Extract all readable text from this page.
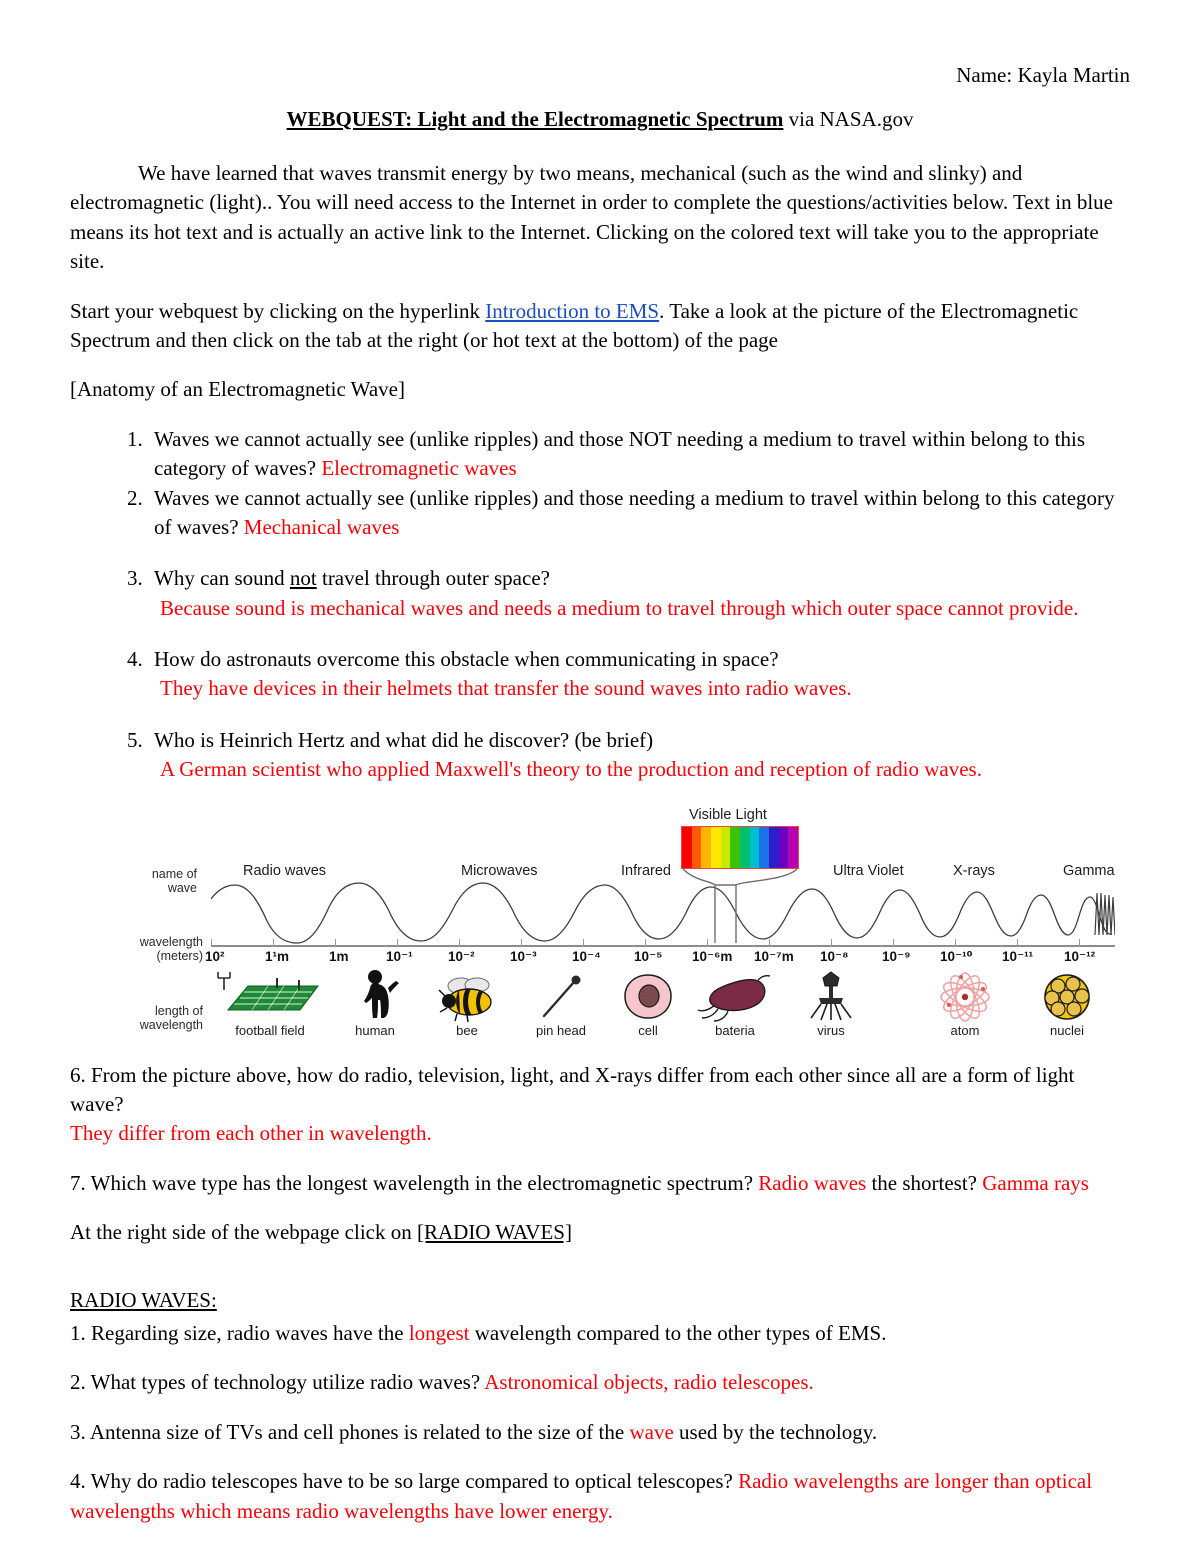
Name: Kayla Martin
WEBQUEST: Light and the Electromagnetic Spectrum via NASA.gov

We have learned that waves transmit energy by two means, mechanical (such as the wind and slinky) and electromagnetic (light).. You will need access to the Internet in order to complete the questions/activities below. Text in blue means its hot text and is actually an active link to the Internet. Clicking on the colored text will take you to the appropriate site.

Start your webquest by clicking on the hyperlink Introduction to EMS. Take a look at the picture of the Electromagnetic Spectrum and then click on the tab at the right (or hot text at the bottom) of the page

[Anatomy of an Electromagnetic Wave]

1. Waves we cannot actually see (unlike ripples) and those NOT needing a medium to travel within belong to this category of waves? Electromagnetic waves
2. Waves we cannot actually see (unlike ripples) and those needing a medium to travel within belong to this category of waves? Mechanical waves
3. Why can sound not travel through outer space?
Because sound is mechanical waves and needs a medium to travel through which outer space cannot provide.
4. How do astronauts overcome this obstacle when communicating in space?
They have devices in their helmets that transfer the sound waves into radio waves.
5. Who is Heinrich Hertz and what did he discover? (be brief)
A German scientist who applied Maxwell's theory to the production and reception of radio waves.
name of
wave
wavelength
(meters)
length of
wavelength
Radio waves	Microwaves	Infrared	Ultra Violet	X-rays	Gamma
10²	1¹m	1m	10⁻¹	10⁻²	10⁻³	10⁻⁴ 10⁻⁵ 10⁻⁶m 10⁻⁷m 10⁻⁸ 10⁻⁹ 10⁻¹⁰ 10⁻¹¹ 10⁻¹²
Visible Light
football field	human	bee	pin head	cell	bateria	virus	atom	nuclei

6. From the picture above, how do radio, television, light, and X-rays differ from each other since all are a form of light wave?
They differ from each other in wavelength.

7. Which wave type has the longest wavelength in the electromagnetic spectrum? Radio waves the shortest? Gamma rays

At the right side of the webpage click on [RADIO WAVES]

RADIO WAVES:

1. Regarding size, radio waves have the longest wavelength compared to the other types of EMS.

2. What types of technology utilize radio waves? Astronomical objects, radio telescopes.

3. Antenna size of TVs and cell phones is related to the size of the wave used by the technology.

4. Why do radio telescopes have to be so large compared to optical telescopes? Radio wavelengths are longer than optical wavelengths which means radio wavelengths have lower energy.
